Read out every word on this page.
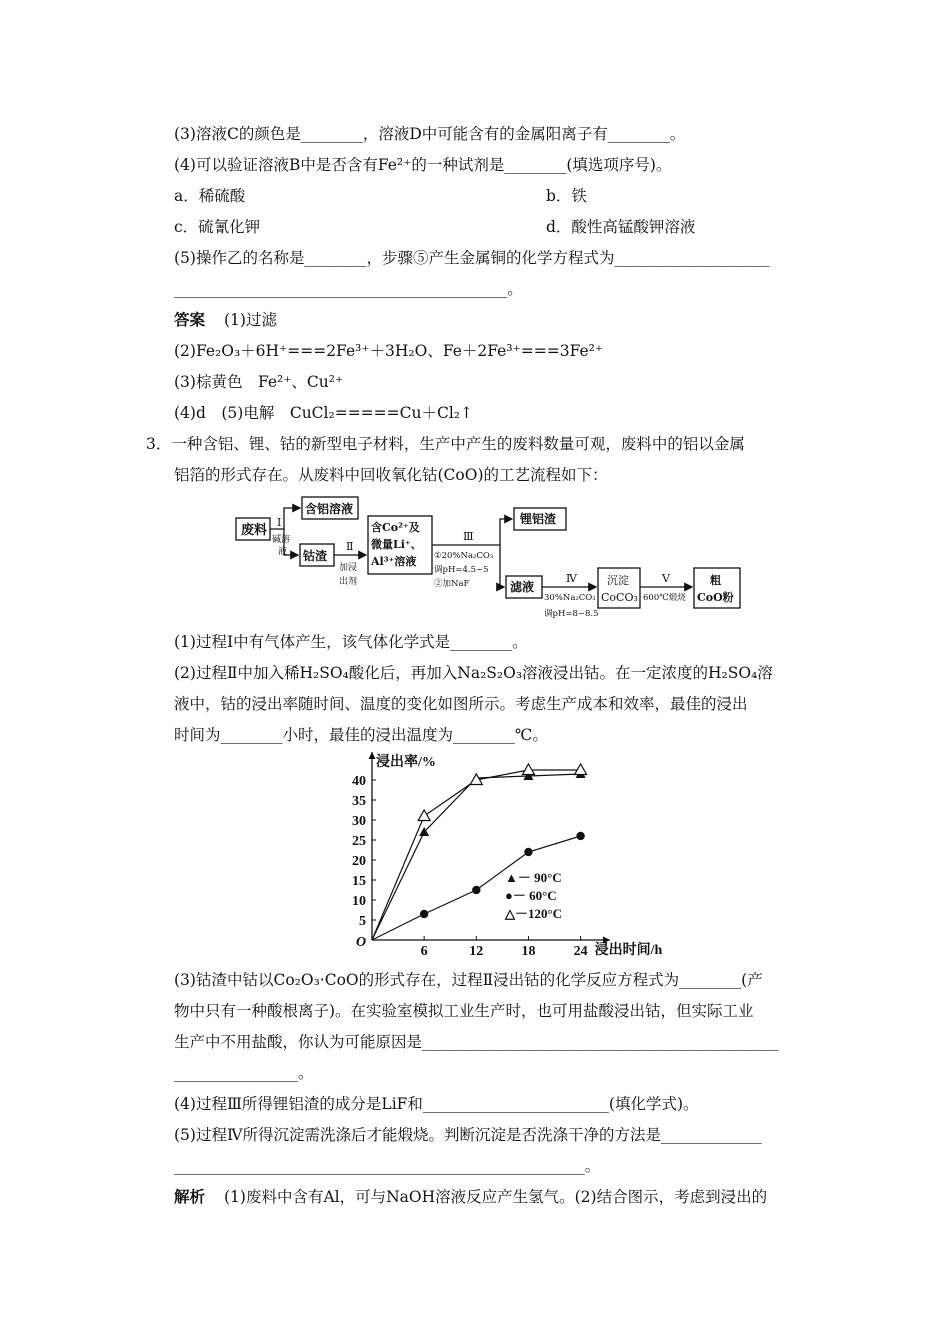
(3)溶液C的颜色是________，溶液D中可能含有的金属阳离子有________。
(4)可以验证溶液B中是否含有Fe²⁺的一种试剂是________(填选项序号)。
a．稀硫酸	b．铁
c．硫氰化钾	d．酸性高锰酸钾溶液
(5)操作乙的名称是________，步骤⑤产生金属铜的化学方程式为____________________
___________________________________________。
答案 (1)过滤
(2)Fe₂O₃＋6H⁺===2Fe³⁺＋3H₂O、Fe＋2Fe³⁺===3Fe²⁺
(3)棕黄色　Fe²⁺、Cu²⁺
(4)d　(5)电解　CuCl₂=====Cu＋Cl₂↑
3．一种含铝、锂、钴的新型电子材料，生产中产生的废料数量可观，废料中的铝以金属
铝箔的形式存在。从废料中回收氧化钴(CoO)的工艺流程如下：
废料
Ⅰ
碱溶
液
含铝溶液
钴渣
Ⅱ
加浸
出剂
含Co²⁺及
微量Li⁺、
Al³⁺溶液
Ⅲ
①20%Na₂CO₃
调pH=4.5~5
②加NaF
锂铝渣
滤液
Ⅳ
30%Na₂CO₃
调pH=8~8.5
沉淀
CoCO₃
Ⅴ
600℃煅烧
粗
CoO粉
(1)过程Ⅰ中有气体产生，该气体化学式是________。
(2)过程Ⅱ中加入稀H₂SO₄酸化后，再加入Na₂S₂O₃溶液浸出钴。在一定浓度的H₂SO₄溶
液中，钴的浸出率随时间、温度的变化如图所示。考虑生产成本和效率，最佳的浸出
时间为________小时，最佳的浸出温度为________℃。
O
浸出率/%
浸出时间/h
5
10
15
20
25
30
35
40
6	12	18	24
▲－ 90°C
●－ 60°C
△－120°C
(3)钴渣中钴以Co₂O₃·CoO的形式存在，过程Ⅱ浸出钴的化学反应方程式为________(产
物中只有一种酸根离子)。在实验室模拟工业生产时，也可用盐酸浸出钴，但实际工业
生产中不用盐酸，你认为可能原因是______________________________________________
________________。
(4)过程Ⅲ所得锂铝渣的成分是LiF和________________________(填化学式)。
(5)过程Ⅳ所得沉淀需洗涤后才能煅烧。判断沉淀是否洗涤干净的方法是_____________
_____________________________________________________。
解析 (1)废料中含有Al，可与NaOH溶液反应产生氢气。(2)结合图示，考虑到浸出的
